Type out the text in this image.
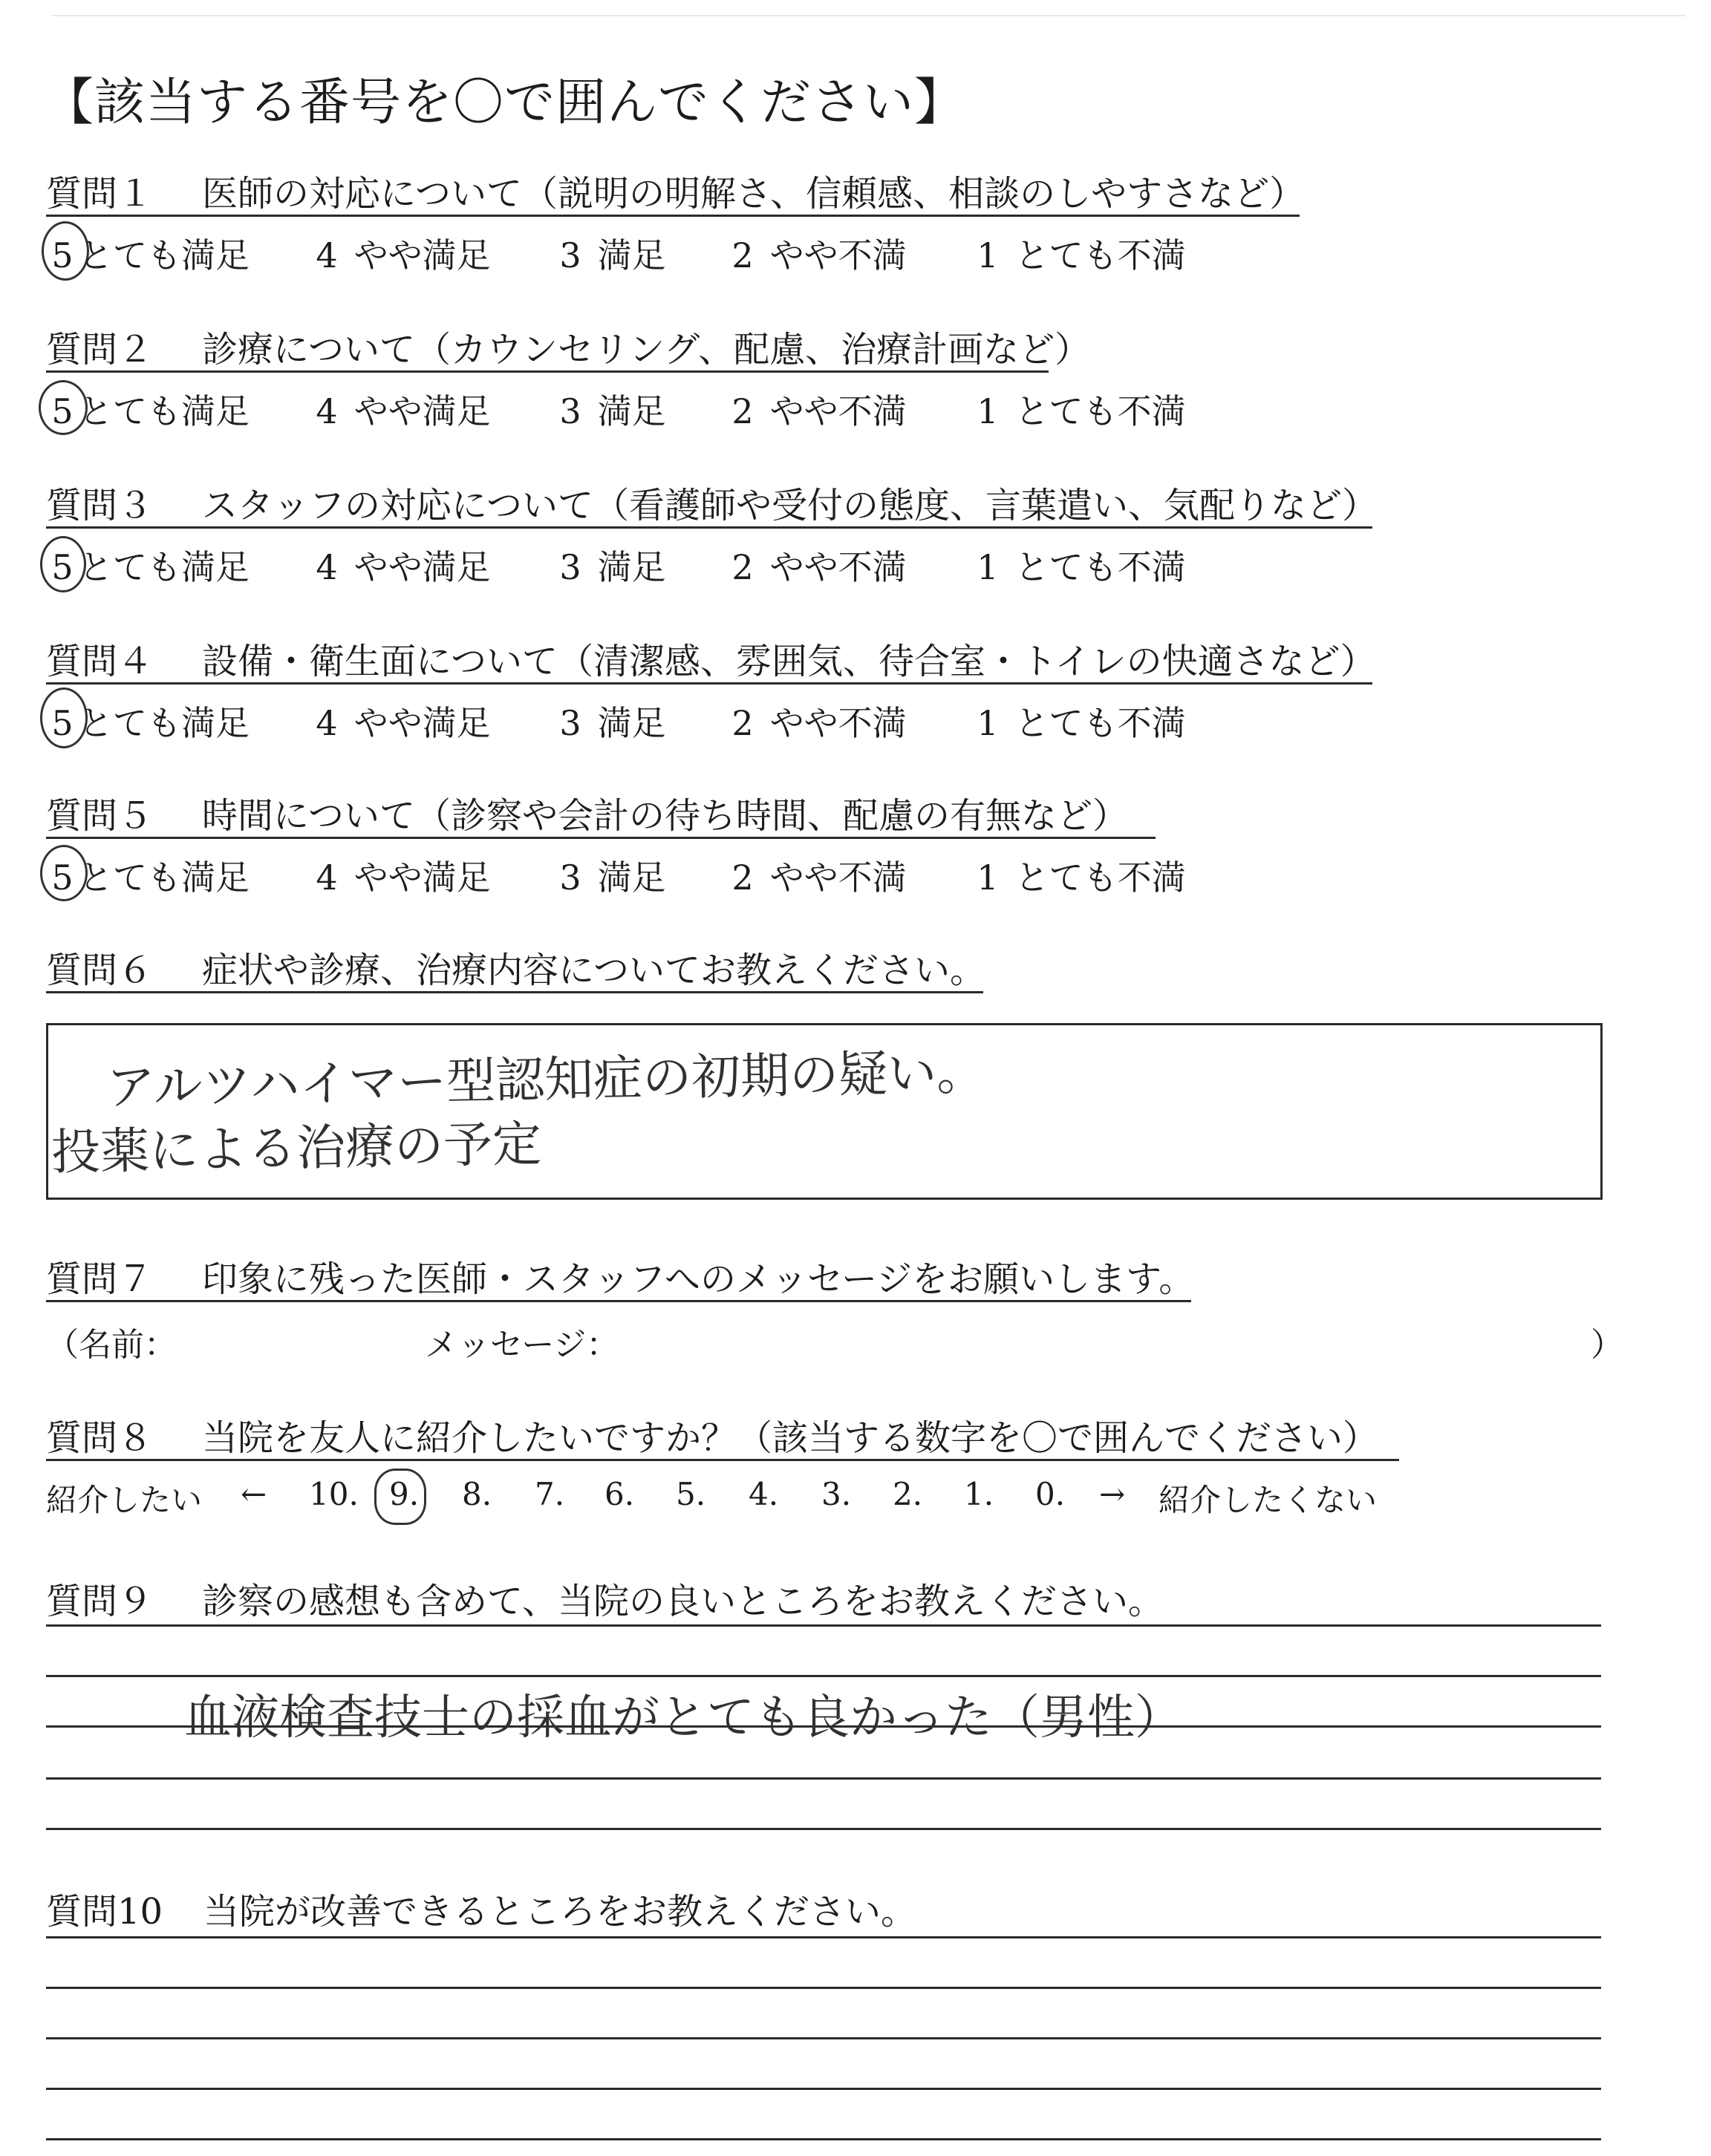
【該当する番号を〇で囲んでください】
質問１ 医師の対応について（説明の明解さ、信頼感、相談のしやすさなど）
5 とても満足 4 やや満足 3 満足 2 やや不満 1 とても不満
質問２ 診療について（カウンセリング、配慮、治療計画など）
5 とても満足 4 やや満足 3 満足 2 やや不満 1 とても不満
質問３ スタッフの対応について（看護師や受付の態度、言葉遣い、気配りなど）
5 とても満足 4 やや満足 3 満足 2 やや不満 1 とても不満
質問４ 設備・衛生面について（清潔感、雰囲気、待合室・トイレの快適さなど）
5 とても満足 4 やや満足 3 満足 2 やや不満 1 とても不満
質問５ 時間について（診察や会計の待ち時間、配慮の有無など）
5 とても満足 4 やや満足 3 満足 2 やや不満 1 とても不満
質問６ 症状や診療、治療内容についてお教えください。
アルツハイマー型認知症の初期の疑い。
投薬による治療の予定
質問７ 印象に残った医師・スタッフへのメッセージをお願いします。
（名前：	メッセージ：	）
質問８ 当院を友人に紹介したいですか？（該当する数字を〇で囲んでください）
紹介したい ← 10. 9. 8. 7. 6. 5. 4. 3. 2. 1. 0. → 紹介したくない
質問９ 診察の感想も含めて、当院の良いところをお教えください。
血液検査技士の採血がとても良かった（男性）
質問10 当院が改善できるところをお教えください。
